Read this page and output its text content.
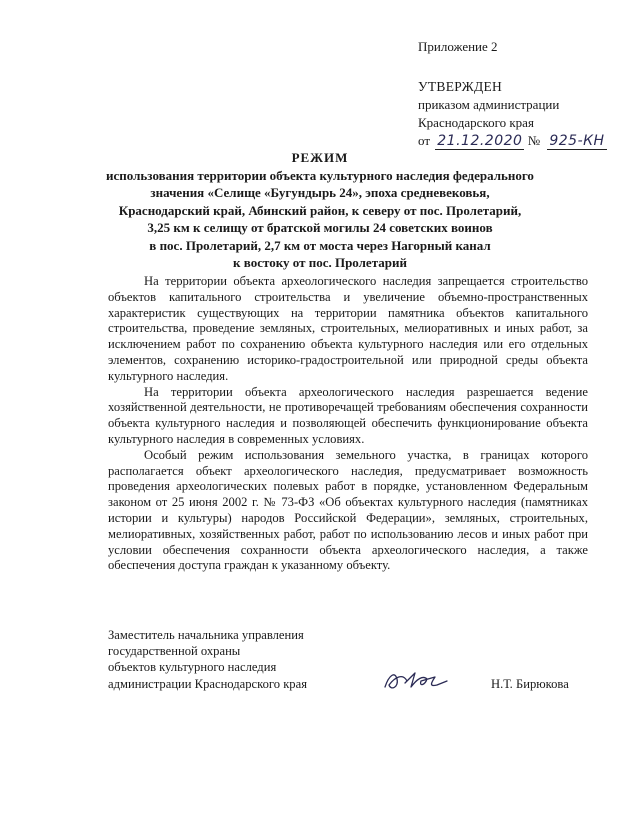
Приложение 2
УТВЕРЖДЕН
приказом администрации
Краснодарского края
от 21.12.2020 № 925-КН
РЕЖИМ
использования территории объекта культурного наследия федерального
значения «Селище «Бугундырь 24», эпоха средневековья,
Краснодарский край, Абинский район, к северу от пос. Пролетарий,
3,25 км к селищу от братской могилы 24 советских воинов
в пос. Пролетарий, 2,7 км от моста через Нагорный канал
к востоку от пос. Пролетарий

На территории объекта археологического наследия запрещается строительство объектов капитального строительства и увеличение объемно-пространственных характеристик существующих на территории памятника объектов капитального строительства, проведение земляных, строительных, мелиоративных и иных работ, за исключением работ по сохранению объекта культурного наследия или его отдельных элементов, сохранению историко-градостроительной или природной среды объекта культурного наследия.

На территории объекта археологического наследия разрешается ведение хозяйственной деятельности, не противоречащей требованиям обеспечения сохранности объекта культурного наследия и позволяющей обеспечить функционирование объекта культурного наследия в современных условиях.

Особый режим использования земельного участка, в границах которого располагается объект археологического наследия, предусматривает возможность проведения археологических полевых работ в порядке, установленном Федеральным законом от 25 июня 2002 г. № 73-ФЗ «Об объектах культурного наследия (памятниках истории и культуры) народов Российской Федерации», земляных, строительных, мелиоративных, хозяйственных работ, работ по использованию лесов и иных работ при условии обеспечения сохранности объекта археологического наследия, а также обеспечения доступа граждан к указанному объекту.

Заместитель начальника управления
государственной охраны
объектов культурного наследия
администрации Краснодарского края	Н.Т. Бирюкова
